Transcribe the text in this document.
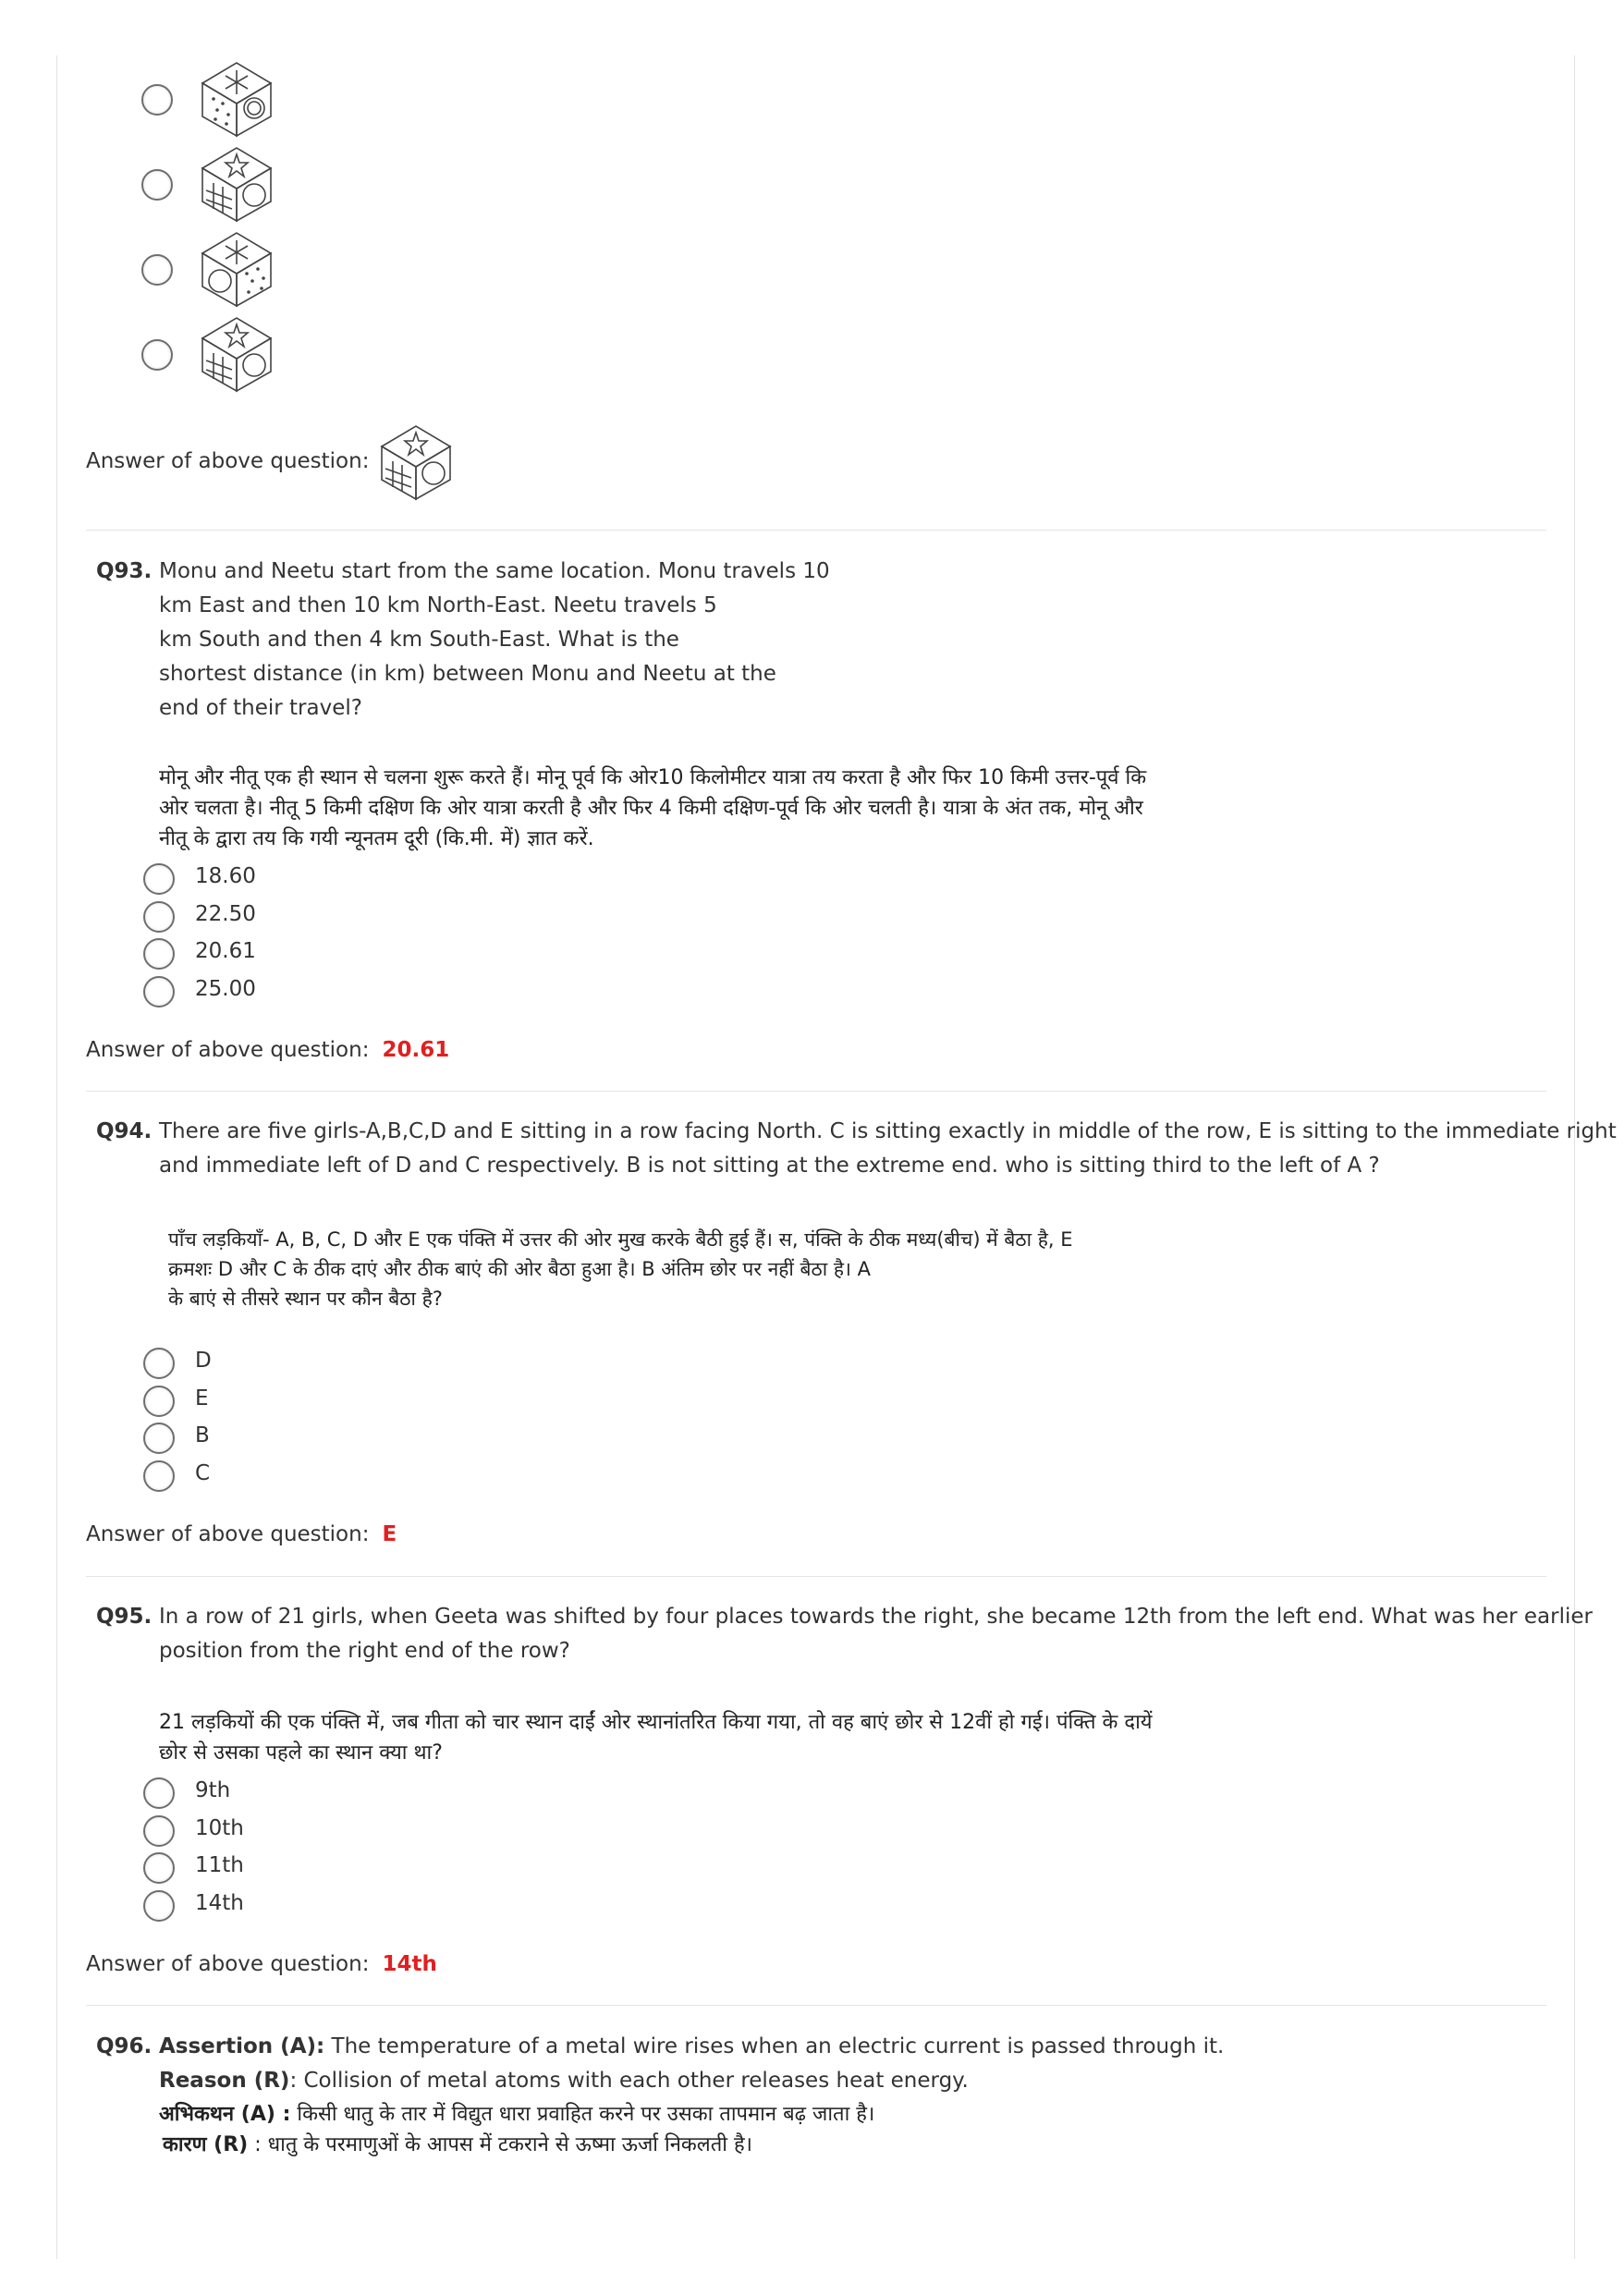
Answer of above question:
Q93. Monu and Neetu start from the same location. Monu travels 10
km East and then 10 km North-East. Neetu travels 5
km South and then 4 km South-East. What is the
shortest distance (in km) between Monu and Neetu at the
end of their travel?
मोनू और नीतू एक ही स्थान से चलना शुरू करते हैं। मोनू पूर्व कि ओर10 किलोमीटर यात्रा तय करता है और फिर 10 किमी उत्तर-पूर्व कि
ओर चलता है। नीतू 5 किमी दक्षिण कि ओर यात्रा करती है और फिर 4 किमी दक्षिण-पूर्व कि ओर चलती है। यात्रा के अंत तक, मोनू और
नीतू के द्वारा तय कि गयी न्यूनतम दूरी (कि.मी. में) ज्ञात करें.
18.60
22.50
20.61
25.00
Answer of above question: 20.61
Q94. There are five girls-A,B,C,D and E sitting in a row facing North. C is sitting exactly in middle of the row, E is sitting to the immediate right
and immediate left of D and C respectively. B is not sitting at the extreme end. who is sitting third to the left of A ?
पाँच लड़कियाँ- A, B, C, D और E एक पंक्ति में उत्तर की ओर मुख करके बैठी हुई हैं। स, पंक्ति के ठीक मध्य(बीच) में बैठा है, E
क्रमशः D और C के ठीक दाएं और ठीक बाएं की ओर बैठा हुआ है। B अंतिम छोर पर नहीं बैठा है। A
के बाएं से तीसरे स्थान पर कौन बैठा है?
D
E
B
C
Answer of above question: E
Q95. In a row of 21 girls, when Geeta was shifted by four places towards the right, she became 12th from the left end. What was her earlier
position from the right end of the row?
21 लड़कियों की एक पंक्ति में, जब गीता को चार स्थान दाईं ओर स्थानांतरित किया गया, तो वह बाएं छोर से 12वीं हो गई। पंक्ति के दायें
छोर से उसका पहले का स्थान क्या था?
9th
10th
11th
14th
Answer of above question: 14th
Q96. Assertion (A): The temperature of a metal wire rises when an electric current is passed through it.
Reason (R): Collision of metal atoms with each other releases heat energy.
अभिकथन (A) : किसी धातु के तार में विद्युत धारा प्रवाहित करने पर उसका तापमान बढ़ जाता है।
कारण (R) : धातु के परमाणुओं के आपस में टकराने से ऊष्मा ऊर्जा निकलती है।
